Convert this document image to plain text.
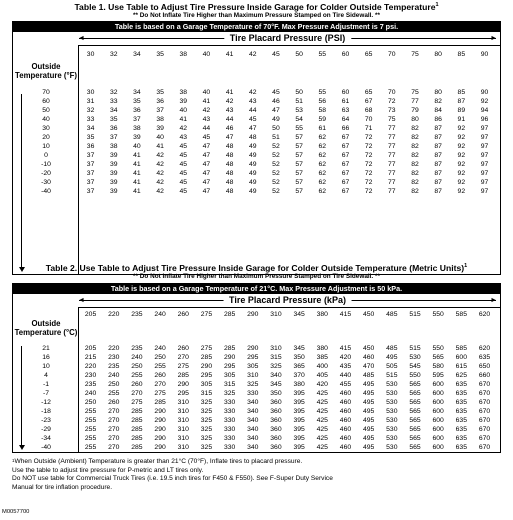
Table 1. Use Table to Adjust Tire Pressure Inside Garage for Colder Outside Temperature$^1$
** Do Not Inflate Tire Higher than Maximum Pressure Stamped on Tire Sidewall. **
Table is based on a Garage Temperature of 70°F. Max Pressure Adjustment is 7 psi.
◄	►
Tire Placard Pressure (PSI)
30	32	34	35	38	40	41	42	45	50	55	60	65	70	75	80	85	90
Outside
Temperature (°F)
70	30	32	34	35	38	40	41	42	45	50	55	60	65	70	75	80	85	90
60	31	33	35	36	39	41	42	43	46	51	56	61	67	72	77	82	87	92
50	32	34	36	37	40	42	43	44	47	53	58	63	68	73	79	84	89	94
40	33	35	37	38	41	43	44	45	49	54	59	64	70	75	80	86	91	96
30	34	36	38	39	42	44	46	47	50	55	61	66	71	77	82	87	92	97
20	35	37	39	40	43	45	47	48	51	57	62	67	72	77	82	87	92	97
10	36	38	40	41	45	47	48	49	52	57	62	67	72	77	82	87	92	97
0	37	39	41	42	45	47	48	49	52	57	62	67	72	77	82	87	92	97
-10	37	39	41	42	45	47	48	49	52	57	62	67	72	77	82	87	92	97
-20	37	39	41	42	45	47	48	49	52	57	62	67	72	77	82	87	92	97
-30	37	39	41	42	45	47	48	49	52	57	62	67	72	77	82	87	92	97
-40	37	39	41	42	45	47	48	49	52	57	62	67	72	77	82	87	92	97
Table 2. Use Table to Adjust Tire Pressure Inside Garage for Colder Outside Temperature (Metric Units)$^1$
** Do Not Inflate Tire Higher than Maximum Pressure Stamped on Tire Sidewall. **
Table is based on a Garage Temperature of 21°C. Max Pressure Adjustment is 50 kPa.
◄	►
Tire Placard Pressure (kPa)
205	220	235	240	260	275	285	290	310	345	380	415	450	485	515	550	585	620
Outside
Temperature (°C)
21	205	220	235	240	260	275	285	290	310	345	380	415	450	485	515	550	585	620
16	215	230	240	250	270	285	290	295	315	350	385	420	460	495	530	565	600	635
10	220	235	250	255	275	290	295	305	325	365	400	435	470	505	545	580	615	650
4	230	240	255	260	285	295	305	310	340	370	405	440	485	515	550	595	625	660
-1	235	250	260	270	290	305	315	325	345	380	420	455	495	530	565	600	635	670
-7	240	255	270	275	295	315	325	330	350	395	425	460	495	530	565	600	635	670
-12	250	260	275	285	310	325	330	340	360	395	425	460	495	530	565	600	635	670
-18	255	270	285	290	310	325	330	340	360	395	425	460	495	530	565	600	635	670
-23	255	270	285	290	310	325	330	340	360	395	425	460	495	530	565	600	635	670
-29	255	270	285	290	310	325	330	340	360	395	425	460	495	530	565	600	635	670
-34	255	270	285	290	310	325	330	340	360	395	425	460	495	530	565	600	635	670
-40	255	270	285	290	310	325	330	340	360	395	425	460	495	530	565	600	635	670
$^1$When Outside (Ambient) Temperature is greater than 21°C (70°F), Inflate tires to placard pressure.
Use the table to adjust tire pressure for P-metric and LT tires only.
Do NOT use table for Commercial Truck Tires (i.e. 19.5 inch tires for F450 & F550). See F-Super Duty Service
Manual for tire inflation procedure.
M0057700
